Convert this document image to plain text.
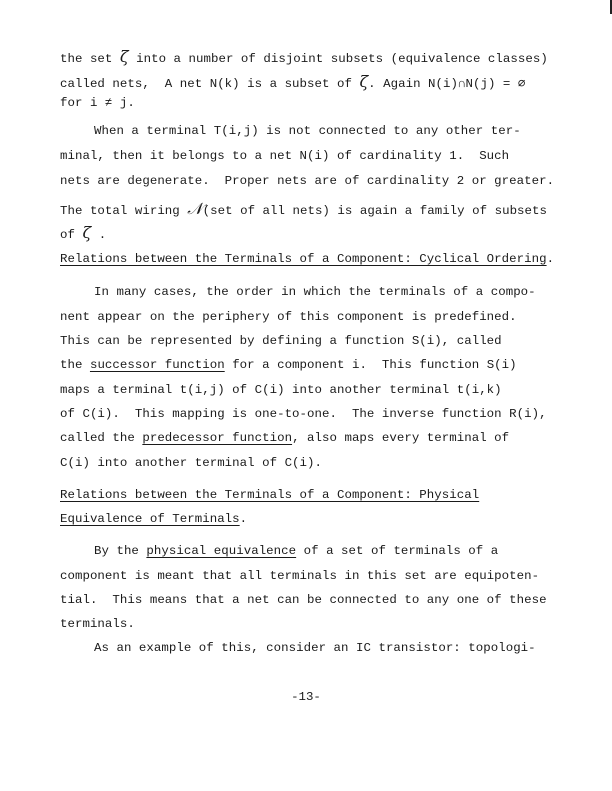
the set ζ into a number of disjoint subsets (equivalence classes)
called nets,  A net N(k) is a subset of ζ. Again N(i)∩N(j) = ∅
for i ≠ j.
When a terminal T(i,j) is not connected to any other ter-
minal, then it belongs to a net N(i) of cardinality 1.  Such
nets are degenerate.  Proper nets are of cardinality 2 or greater.
The total wiring 𝒩(set of all nets) is again a family of subsets
of ζ .
Relations between the Terminals of a Component: Cyclical Ordering.
In many cases, the order in which the terminals of a compo-
nent appear on the periphery of this component is predefined.
This can be represented by defining a function S(i), called
the successor function for a component i.  This function S(i)
maps a terminal t(i,j) of C(i) into another terminal t(i,k)
of C(i).  This mapping is one-to-one.  The inverse function R(i),
called the predecessor function, also maps every terminal of
C(i) into another terminal of C(i).
Relations between the Terminals of a Component: Physical
Equivalence of Terminals.
By the physical equivalence of a set of terminals of a
component is meant that all terminals in this set are equipoten-
tial.  This means that a net can be connected to any one of these
terminals.
As an example of this, consider an IC transistor: topologi-
-13-
